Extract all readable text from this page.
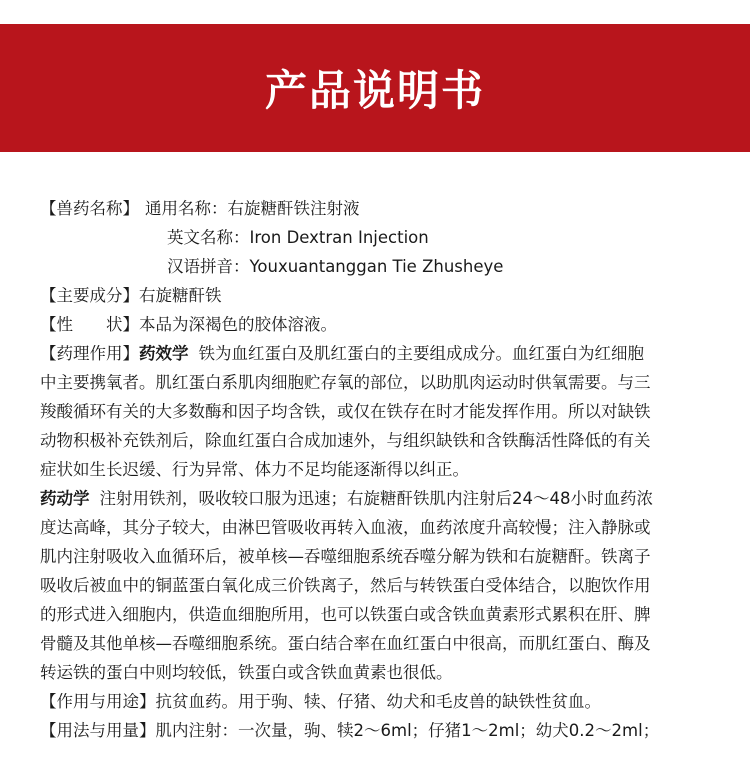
产品说明书
【兽药名称】 通用名称：右旋糖酐铁注射液
英文名称：Iron Dextran Injection
汉语拼音：Youxuantanggan Tie Zhusheye
【主要成分】右旋糖酐铁
【性　　状】本品为深褐色的胶体溶液。
【药理作用】药效学 铁为血红蛋白及肌红蛋白的主要组成成分。血红蛋白为红细胞
中主要携氧者。肌红蛋白系肌肉细胞贮存氧的部位，以助肌肉运动时供氧需要。与三
羧酸循环有关的大多数酶和因子均含铁，或仅在铁存在时才能发挥作用。所以对缺铁
动物积极补充铁剂后，除血红蛋白合成加速外，与组织缺铁和含铁酶活性降低的有关
症状如生长迟缓、行为异常、体力不足均能逐渐得以纠正。
药动学 注射用铁剂，吸收较口服为迅速；右旋糖酐铁肌内注射后24～48小时血药浓
度达高峰，其分子较大，由淋巴管吸收再转入血液，血药浓度升高较慢；注入静脉或
肌内注射吸收入血循环后，被单核—吞噬细胞系统吞噬分解为铁和右旋糖酐。铁离子
吸收后被血中的铜蓝蛋白氧化成三价铁离子，然后与转铁蛋白受体结合，以胞饮作用
的形式进入细胞内，供造血细胞所用，也可以铁蛋白或含铁血黄素形式累积在肝、脾
骨髓及其他单核—吞噬细胞系统。蛋白结合率在血红蛋白中很高，而肌红蛋白、酶及
转运铁的蛋白中则均较低，铁蛋白或含铁血黄素也很低。
【作用与用途】抗贫血药。用于驹、犊、仔猪、幼犬和毛皮兽的缺铁性贫血。
【用法与用量】肌内注射：一次量，驹、犊2～6ml；仔猪1～2ml；幼犬0.2～2ml；
